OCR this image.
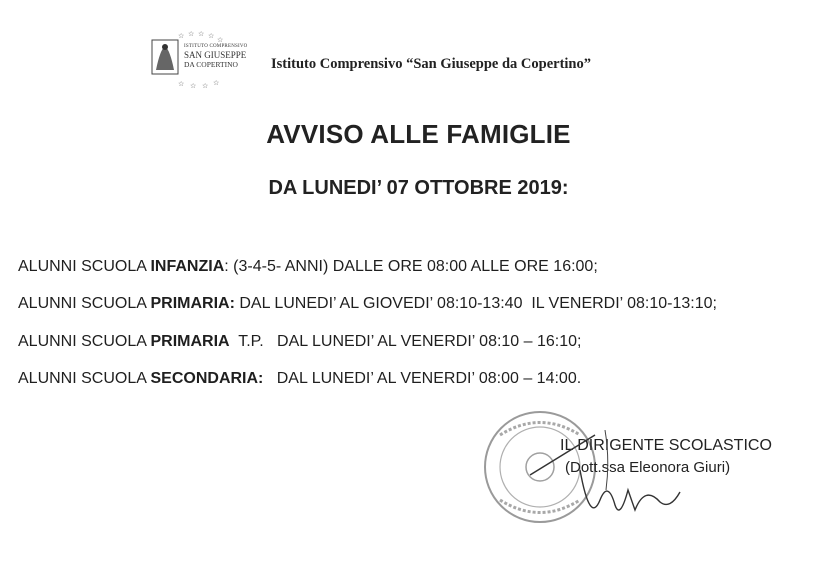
☆ ☆ ☆ ☆
☆
☆ ☆ ☆ ☆
ISTITUTO COMPRENSIVO
SAN GIUSEPPE
DA COPERTINO	Istituto Comprensivo “San Giuseppe da Copertino”
AVVISO ALLE FAMIGLIE
DA LUNEDI’ 07 OTTOBRE 2019:
ALUNNI SCUOLA INFANZIA: (3-4-5- ANNI) DALLE ORE 08:00 ALLE ORE 16:00;
ALUNNI SCUOLA PRIMARIA: DAL LUNEDI’ AL GIOVEDI’ 08:10-13:40  IL VENERDI’ 08:10-13:10;
ALUNNI SCUOLA PRIMARIA  T.P.   DAL LUNEDI’ AL VENERDI’ 08:10 – 16:10;
ALUNNI SCUOLA SECONDARIA:   DAL LUNEDI’ AL VENERDI’ 08:00 – 14:00.
IL DIRIGENTE SCOLASTICO
(Dott.ssa Eleonora Giuri)
